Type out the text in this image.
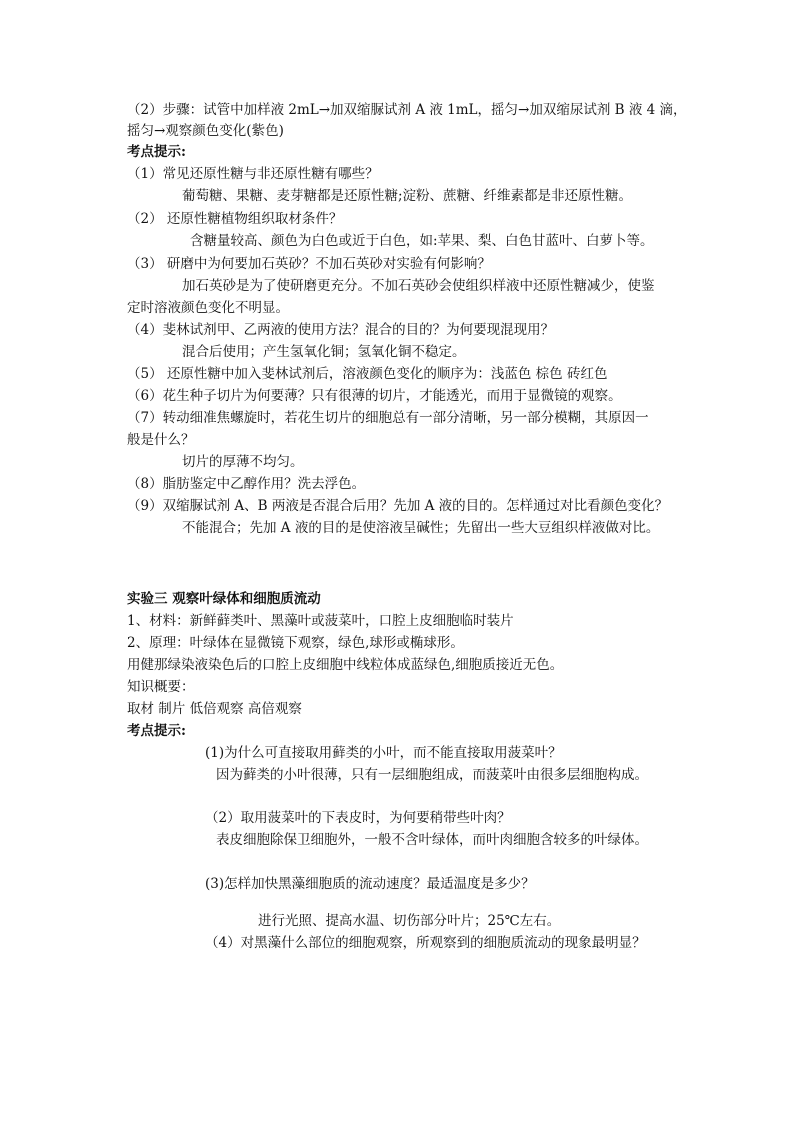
（2）步骤：试管中加样液 2mL→加双缩脲试剂 A 液 1mL，摇匀→加双缩尿试剂 B 液 4 滴，
摇匀→观察颜色变化(紫色)
考点提示:
（1）常见还原性糖与非还原性糖有哪些？
葡萄糖、果糖、麦芽糖都是还原性糖;淀粉、蔗糖、纤维素都是非还原性糖。
（2） 还原性糖植物组织取材条件？
含糖量较高、颜色为白色或近于白色，如:苹果、梨、白色甘蓝叶、白萝卜等。
（3） 研磨中为何要加石英砂？不加石英砂对实验有何影响？
加石英砂是为了使研磨更充分。不加石英砂会使组织样液中还原性糖减少，使鉴
定时溶液颜色变化不明显。
（4）斐林试剂甲、乙两液的使用方法？混合的目的？为何要现混现用？
混合后使用；产生氢氧化铜；氢氧化铜不稳定。
（5） 还原性糖中加入斐林试剂后，溶液颜色变化的顺序为：浅蓝色 棕色 砖红色
（6）花生种子切片为何要薄？只有很薄的切片，才能透光，而用于显微镜的观察。
（7）转动细准焦螺旋时，若花生切片的细胞总有一部分清晰，另一部分模糊，其原因一
般是什么？
切片的厚薄不均匀。
（8）脂肪鉴定中乙醇作用？洗去浮色。
（9）双缩脲试剂 A、B 两液是否混合后用？先加 A 液的目的。怎样通过对比看颜色变化？
不能混合；先加 A 液的目的是使溶液呈碱性；先留出一些大豆组织样液做对比。
实验三 观察叶绿体和细胞质流动
1、材料：新鲜藓类叶、黑藻叶或菠菜叶，口腔上皮细胞临时装片
2、原理：叶绿体在显微镜下观察，绿色,球形或椭球形。
用健那绿染液染色后的口腔上皮细胞中线粒体成蓝绿色,细胞质接近无色。
知识概要：
取材 制片 低倍观察 高倍观察
考点提示:
(1)为什么可直接取用藓类的小叶，而不能直接取用菠菜叶？
因为藓类的小叶很薄，只有一层细胞组成，而菠菜叶由很多层细胞构成。
（2）取用菠菜叶的下表皮时，为何要稍带些叶肉？
表皮细胞除保卫细胞外，一般不含叶绿体，而叶肉细胞含较多的叶绿体。
(3)怎样加快黑藻细胞质的流动速度？最适温度是多少？
进行光照、提高水温、切伤部分叶片；25℃左右。
（4）对黑藻什么部位的细胞观察，所观察到的细胞质流动的现象最明显？
